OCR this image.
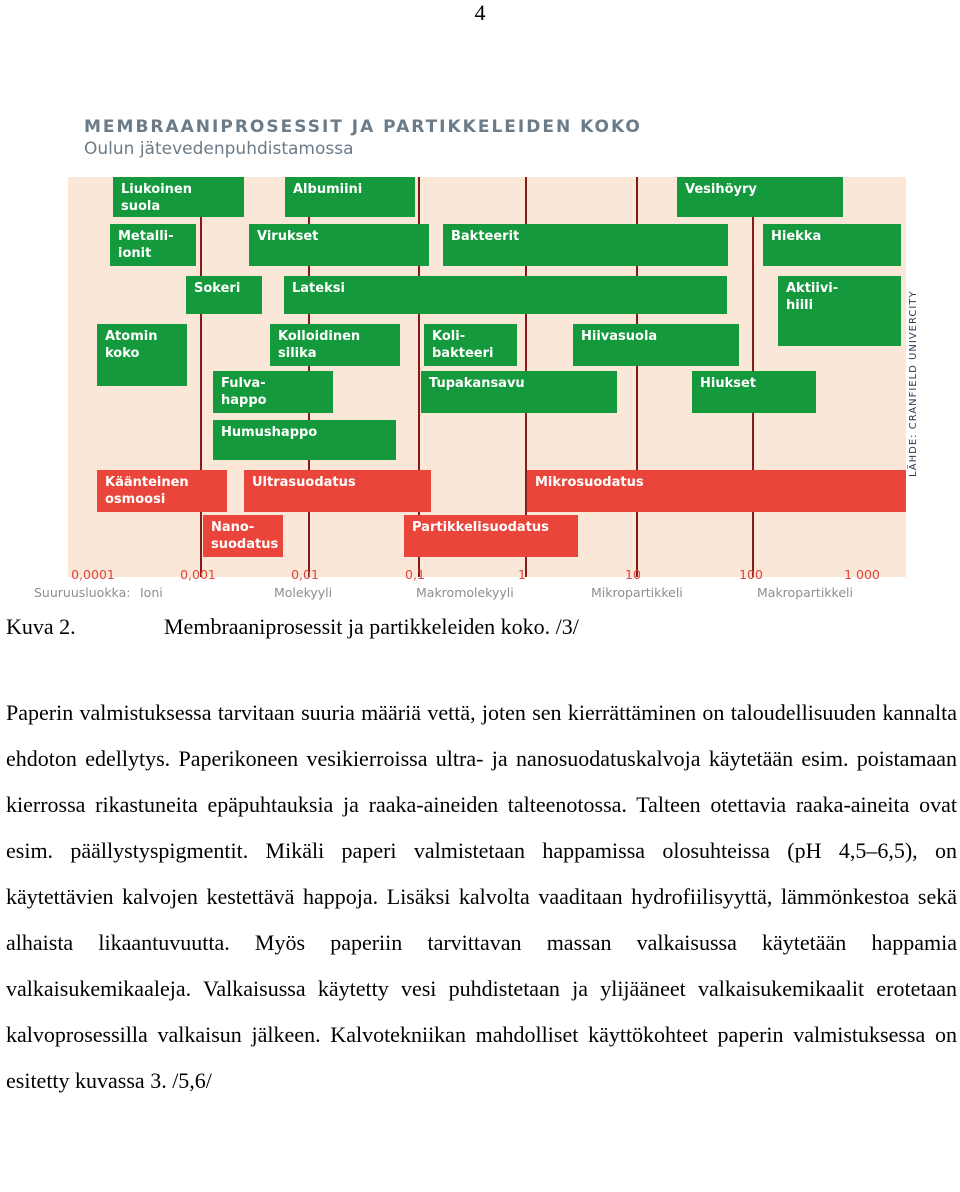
4
MEMBRAANIPROSESSIT JA PARTIKKELEIDEN KOKO
Oulun jätevedenpuhdistamossa
LÄHDE: CRANFIELD UNIVERCITY
Liukoinen
suola
Albumiini	Vesihöyry
Metalli-
ionit
Virukset	Bakteerit	Hiekka
Sokeri	Lateksi	Aktiivi-
hiili
Atomin
koko
Kolloidinen
silika
Koli-
bakteeri
Hiivasuola
Fulva-
happo
Tupakansavu	Hiukset
Humushappo
Käänteinen
osmoosi
Ultrasuodatus	Mikrosuodatus
Nano-
suodatus
Partikkelisuodatus
0,0001	0,001	0,01	0,1	1	10	100	1 000
Suuruusluokka: Ioni	Molekyyli	Makromolekyyli	Mikropartikkeli	Makropartikkeli
Kuva 2.	Membraaniprosessit ja partikkeleiden koko. /3/

Paperin valmistuksessa tarvitaan suuria määriä vettä, joten sen kierrättäminen on taloudellisuuden kannalta ehdoton edellytys. Paperikoneen vesikierroissa ultra- ja nanosuodatuskalvoja käytetään esim. poistamaan kierrossa rikastuneita epäpuhtauksia ja raaka-aineiden talteenotossa. Talteen otettavia raaka-aineita ovat esim. päällystyspigmentit. Mikäli paperi valmistetaan happamissa olosuhteissa (pH 4,5–6,5), on käytettävien kalvojen kestettävä happoja. Lisäksi kalvolta vaaditaan hydrofiilisyyttä, lämmönkestoa sekä alhaista likaantuvuutta. Myös paperiin tarvittavan massan valkaisussa käytetään happamia valkaisukemikaaleja. Valkaisussa käytetty vesi puhdistetaan ja ylijääneet valkaisukemikaalit erotetaan kalvoprosessilla valkaisun jälkeen. Kalvotekniikan mahdolliset käyttökohteet paperin valmistuksessa on esitetty kuvassa 3. /5,6/
